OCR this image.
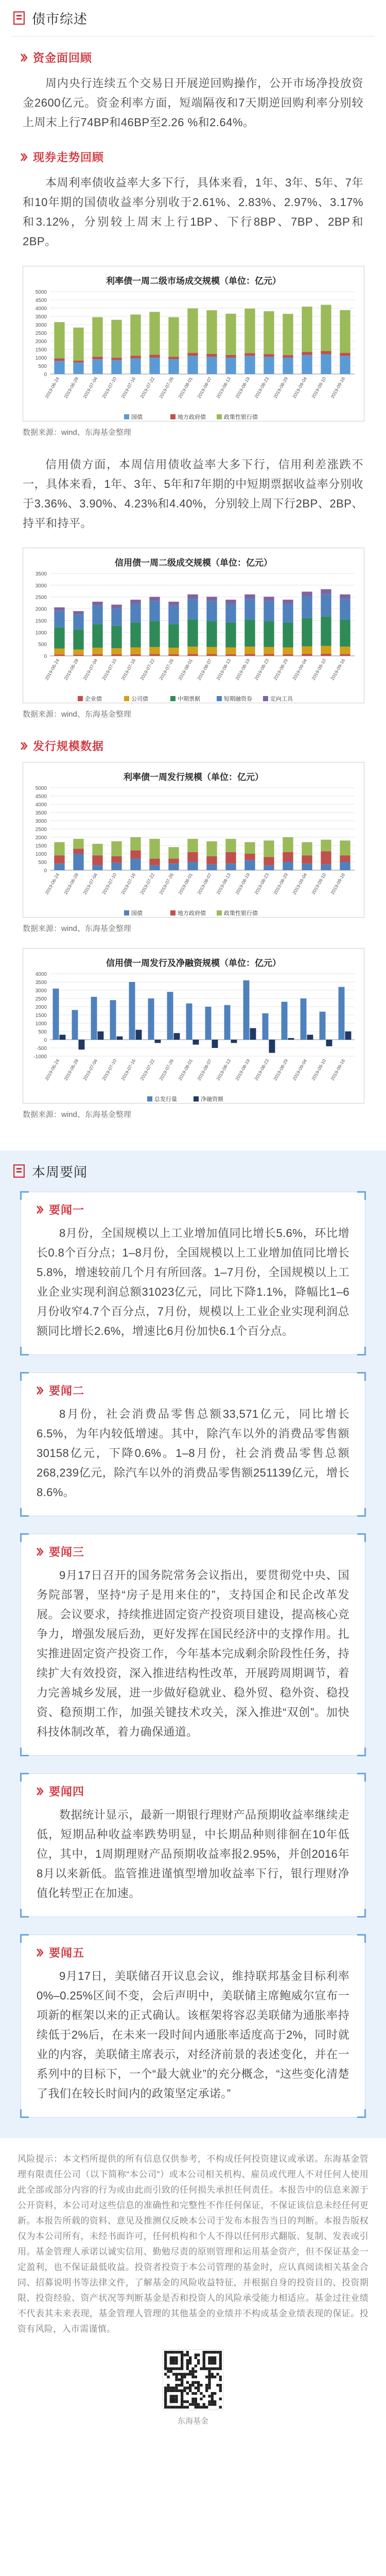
债市综述
资金面回顾

周内央行连续五个交易日开展逆回购操作，公开市场净投放资金2600亿元。资金利率方面，短端隔夜和7天期逆回购利率分别较上周末上行74BP和46BP至2.26 %和2.64%。

现券走势回顾

本周利率债收益率大多下行，具体来看，1年、3年、5年、7年和10年期的国债收益率分别收于2.61%、2.83%、2.97%、3.17%和3.12%，分别较上周末上行1BP、下行8BP、7BP、2BP和2BP。

利率债一周二级市场成交规模（单位：亿元）
0
500
1000
1500
2000
2500
3000
3500
4000
4500
5000
2019-06-24 2019-06-28 2019-07-04 2019-07-10 2019-07-16 2019-07-22 2019-07-26 2019-08-01 2019-08-07 2019-08-13 2019-08-19 2019-08-23 2019-08-29 2019-09-04 2019-09-10 2019-09-16
国债	地方政府债	政策性银行债
数据来源：wind、东海基金整理

信用债方面，本周信用债收益率大多下行，信用利差涨跌不一，具体来看，1年、3年、5年和7年期的中短期票据收益率分别收于3.36%、3.90%、4.23%和4.40%，分别较上周下行2BP、2BP、持平和持平。

信用债一周二级成交规模（单位：亿元）
0
500
1000
1500
2000
2500
3000
3500
2019-06-24 2019-06-28 2019-07-04 2019-07-10 2019-07-16 2019-07-22 2019-07-26 2019-08-01 2019-08-07 2019-08-13 2019-08-19 2019-08-23 2019-08-29 2019-09-04 2019-09-10 2019-09-16
企业债	公司债	中期票据	短期融资券	定向工具
数据来源：wind、东海基金整理
发行规模数据
利率债一周发行规模（单位：亿元）
0
500
1000
1500
2000
2500
3000
3500
4000
4500
5000
2019-06-24 2019-06-28 2019-07-04 2019-07-10 2019-07-16 2019-07-22 2019-07-26 2019-08-01 2019-08-07 2019-08-13 2019-08-19 2019-08-23 2019-08-29 2019-09-04 2019-09-10 2019-09-16
国债	地方政府债	政策性银行债
数据来源：wind、东海基金整理
信用债一周发行及净融资规模（单位：亿元）
-1000
-500
0
500
1000
1500
2000
2500
3000
3500
4000
2019-06-24 2019-06-28 2019-07-04 2019-07-10 2019-07-16 2019-07-22 2019-07-26 2019-08-01 2019-08-07 2019-08-13 2019-08-19 2019-08-23 2019-08-29 2019-09-04 2019-09-10 2019-09-16
总发行量	净融资额
数据来源：wind、东海基金整理
本周要闻
要闻一
8月份，全国规模以上工业增加值同比增长5.6%，环比增长0.8个百分点；1–8月份，全国规模以上工业增加值同比增长5.8%，增速较前几个月有所回落。1–7月份，全国规模以上工业企业实现利润总额31023亿元，同比下降1.1%，降幅比1–6月份收窄4.7个百分点，7月份，规模以上工业企业实现利润总额同比增长2.6%，增速比6月份加快6.1个百分点。
要闻二
8月份，社会消费品零售总额33,571亿元，同比增长6.5%，为年内较低增速。其中，除汽车以外的消费品零售额30158亿元，下降0.6%。1–8月份，社会消费品零售总额268,239亿元，除汽车以外的消费品零售额251139亿元，增长8.6%。
要闻三
9月17日召开的国务院常务会议指出，要贯彻党中央、国务院部署，坚持“房子是用来住的”，支持国企和民企改革发展。会议要求，持续推进固定资产投资项目建设，提高核心竞争力，增强发展后劲，更好发挥在国民经济中的支撑作用。扎实推进固定资产投资工作，今年基本完成剩余阶段性任务，持续扩大有效投资，深入推进结构性改革，开展跨周期调节，着力完善城乡发展，进一步做好稳就业、稳外贸、稳外资、稳投资、稳预期工作，加强关键技术攻关，深入推进“双创”。加快科技体制改革，着力确保通道。
要闻四
数据统计显示，最新一期银行理财产品预期收益率继续走低，短期品种收益率跌势明显，中长期品种则徘徊在10年低位，其中，1周期理财产品预期收益率报2.95%，并创2016年8月以来新低。监管推进谨慎型增加收益率下行，银行理财净值化转型正在加速。
要闻五
9月17日，美联储召开议息会议，维持联邦基金目标利率0%–0.25%区间不变，会后声明中，美联储主席鲍威尔宣布一项新的框架以来的正式确认。该框架将容忍美联储为通胀率持续低于2%后，在未来一段时间内通胀率适度高于2%，同时就业的内容，美联储主席表示，对经济前景的表述变化，并在一系列中的目标下，一个“最大就业”的充分概念，“这些变化清楚了我们在较长时间内的政策坚定承诺。”
风险提示：本文档所提供的所有信息仅供参考，不构成任何投资建议或承诺。东海基金管理有限责任公司（以下简称“本公司”）或本公司相关机构、雇员或代理人不对任何人使用此全部或部分内容的行为或由此而引致的任何损失承担任何责任。本报告中的信息来源于公开资料，本公司对这些信息的准确性和完整性不作任何保证，不保证该信息未经任何更新。本报告所载的资料、意见及推测仅反映本公司于发布本报告当日的判断。本报告版权仅为本公司所有，未经书面许可，任何机构和个人不得以任何形式翻版、复制、发表或引用。基金管理人承诺以诚实信用、勤勉尽责的原则管理和运用基金资产，但不保证基金一定盈利，也不保证最低收益。投资者投资于本公司管理的基金时，应认真阅读相关基金合同、招募说明书等法律文件，了解基金的风险收益特征，并根据自身的投资目的、投资期限、投资经验、资产状况等判断基金是否和投资人的风险承受能力相适应。基金过往业绩不代表其未来表现，基金管理人管理的其他基金的业绩并不构成基金业绩表现的保证。投资有风险，入市需谨慎。
东海基金
